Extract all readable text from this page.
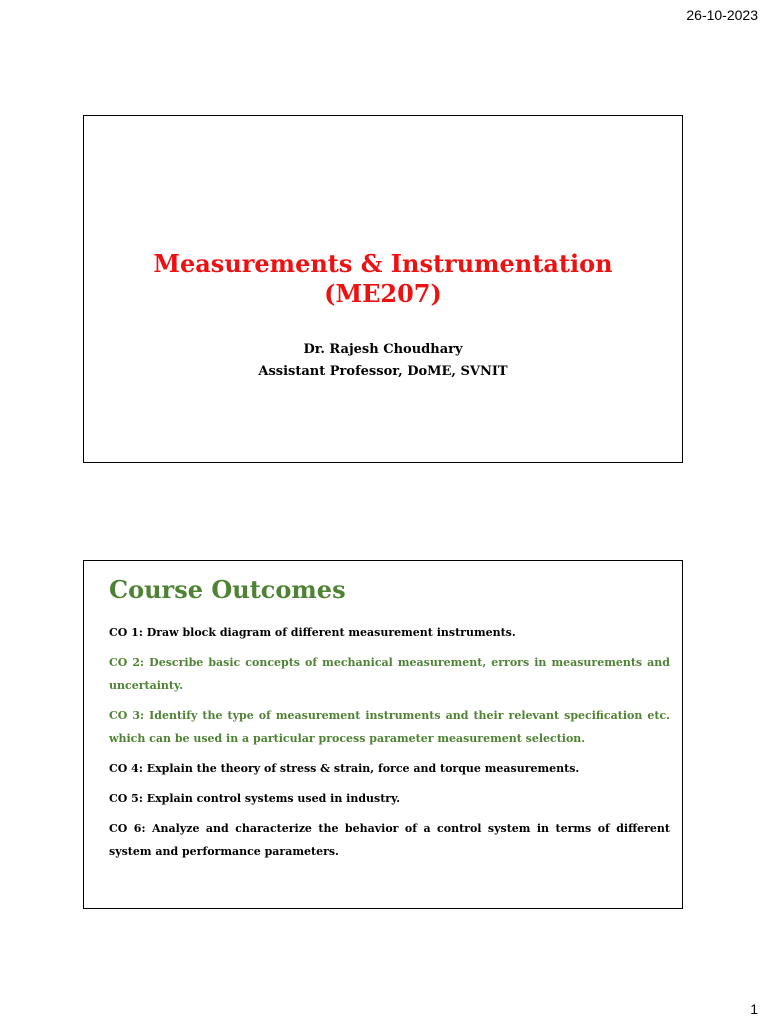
26-10-2023
Measurements & Instrumentation
(ME207)
Dr. Rajesh Choudhary
Assistant Professor, DoME, SVNIT
Course Outcomes

CO 1: Draw block diagram of different measurement instruments.

CO 2: Describe basic concepts of mechanical measurement, errors in measurements and uncertainty.

CO 3: Identify the type of measurement instruments and their relevant specification etc. which can be used in a particular process parameter measurement selection.

CO 4: Explain the theory of stress & strain, force and torque measurements.

CO 5: Explain control systems used in industry.

CO 6: Analyze and characterize the behavior of a control system in terms of different system and performance parameters.

1
